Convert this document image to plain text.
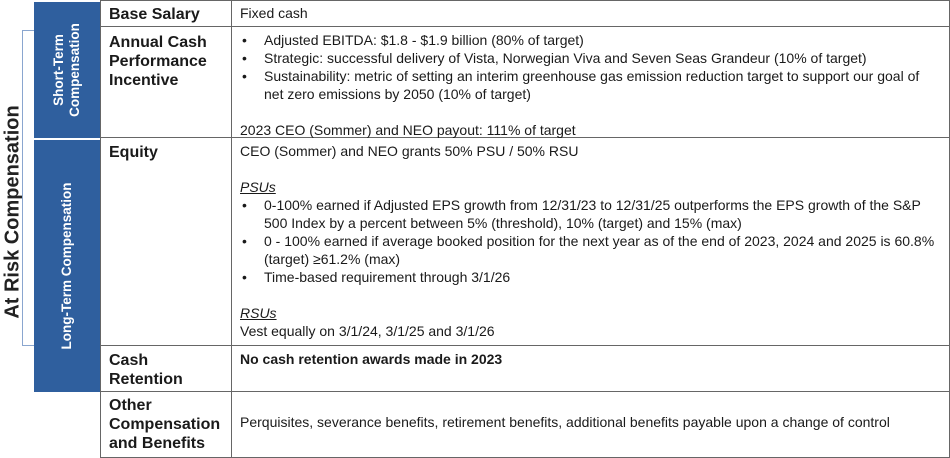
At Risk Compensation
Short-Term Compensation
Long-Term Compensation
Base Salary	Fixed cash
Annual Cash Performance Incentive
• Adjusted EBITDA: $1.8 - $1.9 billion (80% of target)
• Strategic: successful delivery of Vista, Norwegian Viva and Seven Seas Grandeur (10% of target)
• Sustainability: metric of setting an interim greenhouse gas emission reduction target to support our goal of net zero emissions by 2050 (10% of target)
2023 CEO (Sommer) and NEO payout: 111% of target
Equity	CEO (Sommer) and NEO grants 50% PSU / 50% RSU
PSUs
• 0-100% earned if Adjusted EPS growth from 12/31/23 to 12/31/25 outperforms the EPS growth of the S&P 500 Index by a percent between 5% (threshold), 10% (target) and 15% (max)
• 0 - 100% earned if average booked position for the next year as of the end of 2023, 2024 and 2025 is 60.8% (target) ≥61.2% (max)
• Time-based requirement through 3/1/26
RSUs
Vest equally on 3/1/24, 3/1/25 and 3/1/26
Cash Retention
No cash retention awards made in 2023
Other Compensation and Benefits
Perquisites, severance benefits, retirement benefits, additional benefits payable upon a change of control
